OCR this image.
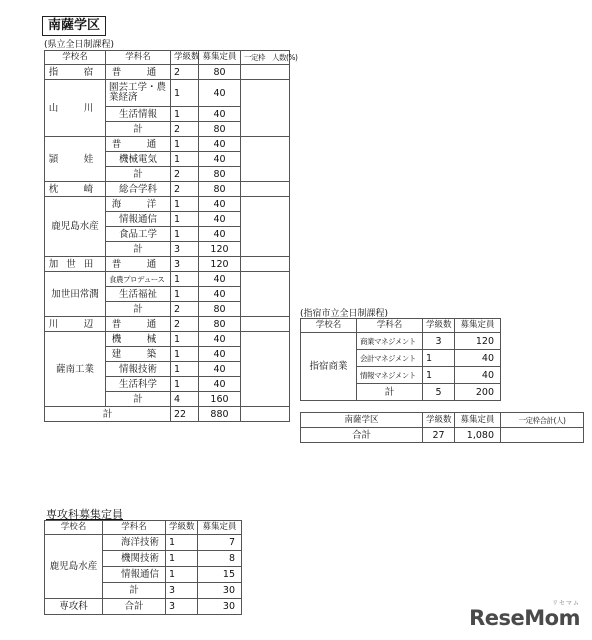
南薩学区
(県立全日制課程)
学校名	学科名	学級数	募集定員	一定枠　 人数(%)
指　宿	普　通	2	80	
山　川	園芸工学・農業経済	1	40	
	生活情報	1	40	
	計	2	80	
頴　娃	普　通	1	40	
	機械電気	1	40	
	計	2	80	
枕　崎	総合学科	2	80	
鹿児島水産	海　洋	1	40	
	情報通信	1	40	
	食品工学	1	40	
	計	3	120	
加世田	普　通	3	120	
加世田常潤	食農プロデュース	1	40	
	生活福祉	1	40	
	計	2	80	
川　辺	普　通	2	80	
薩南工業	機　械	1	40	
	建　築	1	40	
	情報技術	1	40	
	生活科学	1	40	
	計	4	160	
計		22	880	
(指宿市立全日制課程)
学校名	学科名	学級数	募集定員
指宿商業	商業マネジメント	3	120
	会計マネジメント	1	40
	情報マネジメント	1	40
	計	5	200
南薩学区	学級数	募集定員	一定枠合計(人)
合計	27	1,080	
専攻科募集定員
学校名	学科名	学級数	募集定員
鹿児島水産	海洋技術	1	7
	機関技術	1	8
	情報通信	1	15
	計	3	30
専攻科	合計	3	30	ReseMom
リセマム
